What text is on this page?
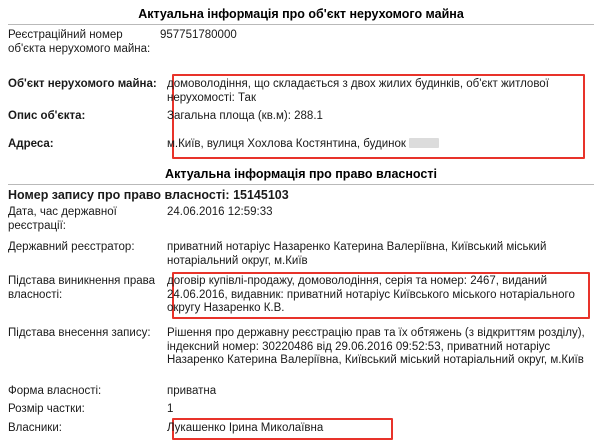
Актуальна інформація про об'єкт нерухомого майна
Реєстраційний номер об'єкта нерухомого майна:
957751780000
Об'єкт нерухомого майна: домоволодіння, що складається з двох жилих будинків, об'єкт житлової нерухомості: Так
Опис об'єкта:	Загальна площа (кв.м): 288.1
Адреса:	м.Київ, вулиця Хохлова Костянтина, будинок
Актуальна інформація про право власності
Номер запису про право власності: 15145103
Дата, час державної реєстрації:
24.06.2016 12:59:33
Державний реєстратор:	приватний нотаріус Назаренко Катерина Валеріївна, Київський міський нотаріальний округ, м.Київ
Підстава виникнення права власності:
договір купівлі-продажу, домоволодіння, серія та номер: 2467, виданий 24.06.2016, видавник: приватний нотаріус Київського міського нотаріального округу Назаренко К.В.
Підстава внесення запису:	Рішення про державну реєстрацію прав та їх обтяжень (з відкриттям розділу), індексний номер: 30220486 від 29.06.2016 09:52:53, приватний нотаріус Назаренко Катерина Валеріївна, Київський міський нотаріальний округ, м.Київ
Форма власності:	приватна
Розмір частки:	1
Власники:	Лукашенко Ірина Миколаївна
